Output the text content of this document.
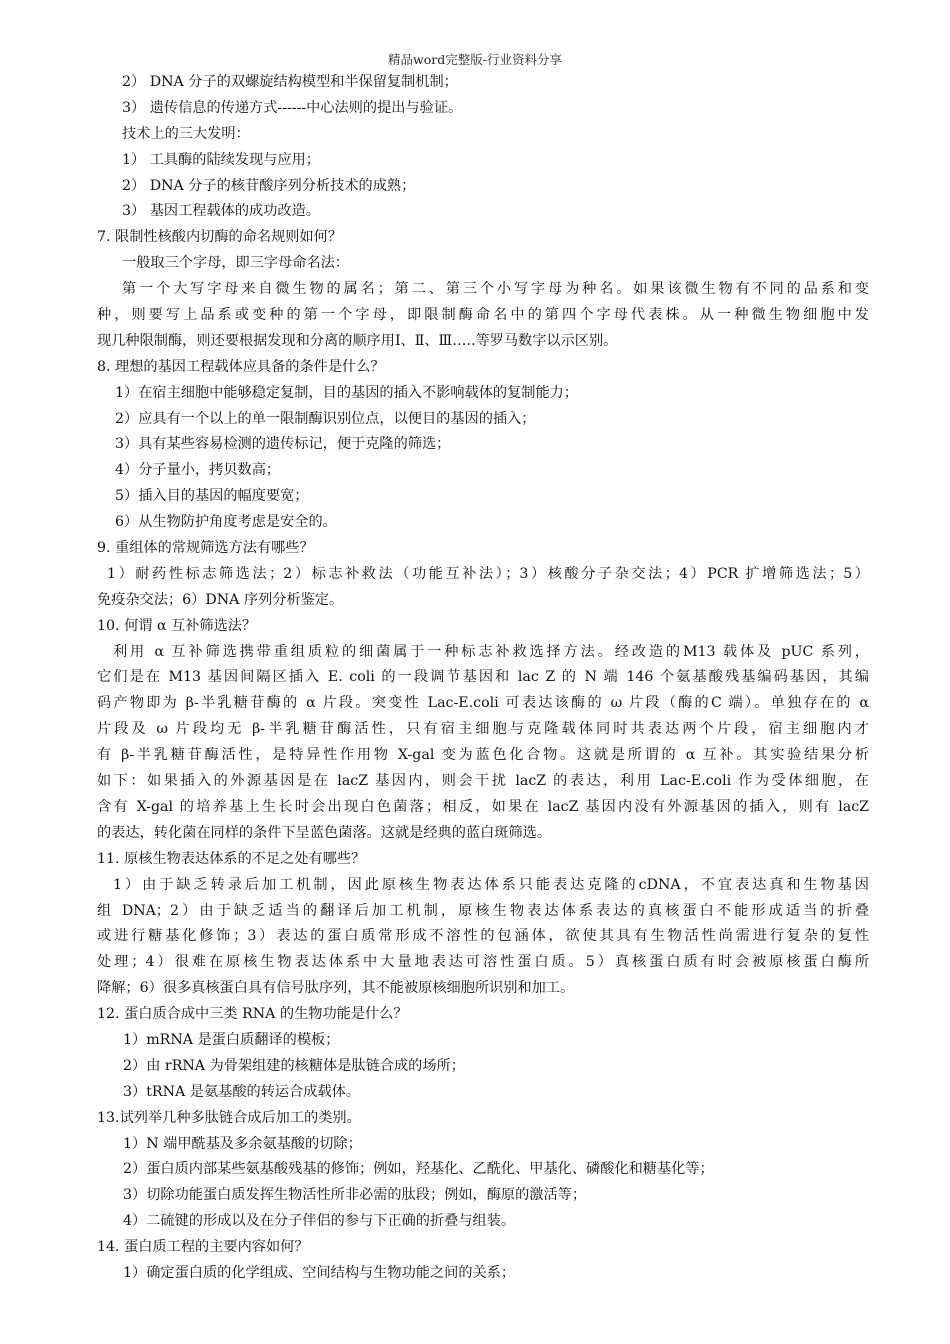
精品word完整版-行业资料分享
2） DNA 分子的双螺旋结构模型和半保留复制机制；
3） 遗传信息的传递方式------中心法则的提出与验证。
技术上的三大发明：
1） 工具酶的陆续发现与应用；
2） DNA 分子的核苷酸序列分析技术的成熟；
3） 基因工程载体的成功改造。
7. 限制性核酸内切酶的命名规则如何？
一般取三个字母，即三字母命名法：
第一个大写字母来自微生物的属名；第二、第三个小写字母为种名。如果该微生物有不同的品系和变
种，则要写上品系或变种的第一个字母，即限制酶命名中的第四个字母代表株。从一种微生物细胞中发
现几种限制酶，则还要根据发现和分离的顺序用Ⅰ、Ⅱ、Ⅲ…..等罗马数字以示区别。
8. 理想的基因工程载体应具备的条件是什么？
1）在宿主细胞中能够稳定复制，目的基因的插入不影响载体的复制能力；
2）应具有一个以上的单一限制酶识别位点，以便目的基因的插入；
3）具有某些容易检测的遗传标记，便于克隆的筛选；
4）分子量小，拷贝数高；
5）插入目的基因的幅度要宽；
6）从生物防护角度考虑是安全的。
9. 重组体的常规筛选方法有哪些？
1）耐药性标志筛选法；2）标志补救法（功能互补法）；3）核酸分子杂交法；4）PCR 扩增筛选法；5）
免疫杂交法；6）DNA 序列分析鉴定。
10. 何谓 α 互补筛选法？
利用 α 互补筛选携带重组质粒的细菌属于一种标志补救选择方法。经改造的M13 载体及 pUC 系列，
它们是在 M13 基因间隔区插入 E. coli 的一段调节基因和 lac Z 的 N 端 146 个氨基酸残基编码基因，其编
码产物即为 β-半乳糖苷酶的 α 片段。突变性 Lac-E.coli 可表达该酶的 ω 片段（酶的C 端）。单独存在的 α
片段及 ω 片段均无 β-半乳糖苷酶活性，只有宿主细胞与克隆载体同时共表达两个片段，宿主细胞内才
有 β-半乳糖苷酶活性，是特异性作用物 X-gal 变为蓝色化合物。这就是所谓的 α 互补。其实验结果分析
如下：如果插入的外源基因是在 lacZ 基因内，则会干扰 lacZ 的表达，利用 Lac-E.coli 作为受体细胞，在
含有 X-gal 的培养基上生长时会出现白色菌落；相反，如果在 lacZ 基因内没有外源基因的插入，则有 lacZ
的表达，转化菌在同样的条件下呈蓝色菌落。这就是经典的蓝白斑筛选。
11. 原核生物表达体系的不足之处有哪些？
1）由于缺乏转录后加工机制，因此原核生物表达体系只能表达克隆的cDNA，不宜表达真和生物基因
组 DNA；2）由于缺乏适当的翻译后加工机制，原核生物表达体系表达的真核蛋白不能形成适当的折叠
或进行糖基化修饰；3）表达的蛋白质常形成不溶性的包涵体，欲使其具有生物活性尚需进行复杂的复性
处理；4）很难在原核生物表达体系中大量地表达可溶性蛋白质。5）真核蛋白质有时会被原核蛋白酶所
降解；6）很多真核蛋白具有信号肽序列，其不能被原核细胞所识别和加工。
12. 蛋白质合成中三类 RNA 的生物功能是什么？
1）mRNA 是蛋白质翻译的模板；
2）由 rRNA 为骨架组建的核糖体是肽链合成的场所；
3）tRNA 是氨基酸的转运合成载体。
13.试列举几种多肽链合成后加工的类别。
1）N 端甲酰基及多余氨基酸的切除；
2）蛋白质内部某些氨基酸残基的修饰；例如，羟基化、乙酰化、甲基化、磷酸化和糖基化等；
3）切除功能蛋白质发挥生物活性所非必需的肽段；例如，酶原的激活等；
4）二硫键的形成以及在分子伴侣的参与下正确的折叠与组装。
14. 蛋白质工程的主要内容如何？
1）确定蛋白质的化学组成、空间结构与生物功能之间的关系；
